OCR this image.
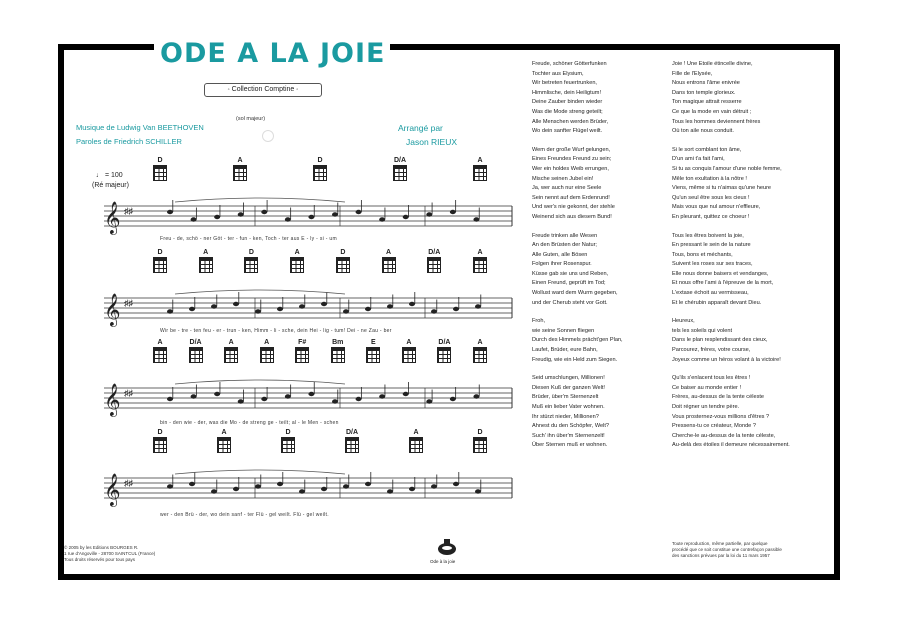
ODE A LA JOIE
◦ Collection Comptine ◦
Musique de Ludwig Van BEETHOVEN
Paroles de Friedrich SCHILLER
Arrangé par
Jason RIEUX
(sol majeur)
♩ = 100
(Ré majeur)
𝄞 ♯♯
𝄞 ♯♯
𝄞 ♯♯
𝄞 ♯♯
Freu - de, schö - ner Göt - ter - fun - ken, Toch - ter aus E - ly - si - um
Wir be - tre - ten feu - er - trun - ken, Himm - li - sche, dein Hei - lig - tum! Dei - ne Zau - ber
bin - den wie - der, was die Mo - de streng ge - teilt; al - le Men - schen
wer - den Brü - der, wo dein sanf - ter Flü - gel weilt. Flü - gel weilt.
D	A	D	D/A	A
D	A	D	A	D	A	D/A	A
A	D/A	A	A	F#	Bm	E	A	D/A	A
D	A	D	D/A	A	D
Freude, schöner Götterfunken
Tochter aus Elysium,
Wir betreten feuertrunken,
Himmlische, dein Heiligtum!
Deine Zauber binden wieder
Was die Mode streng geteilt;
Alle Menschen werden Brüder,
Wo dein sanfter Flügel weilt.
Wem der große Wurf gelungen,
Eines Freundes Freund zu sein;
Wer ein holdes Weib errungen,
Mische seinen Jubel ein!
Ja, wer auch nur eine Seele
Sein nennt auf dem Erdenrund!
Und wer's nie gekonnt, der stehle
Weinend sich aus diesem Bund!
Freude trinken alle Wesen
An den Brüsten der Natur;
Alle Guten, alle Bösen
Folgen ihrer Rosenspur.
Küsse gab sie uns und Reben,
Einen Freund, geprüft im Tod;
Wollust ward dem Wurm gegeben,
und der Cherub steht vor Gott.
Froh,
wie seine Sonnen fliegen
Durch des Himmels prächt'gen Plan,
Laufet, Brüder, eure Bahn,
Freudig, wie ein Held zum Siegen.
Seid umschlungen, Millionen!
Diesen Kuß der ganzen Welt!
Brüder, über'm Sternenzelt
Muß ein lieber Vater wohnen.
Ihr stürzt nieder, Millionen?
Ahnest du den Schöpfer, Welt?
Such' ihn über'm Sternenzelt!
Über Sternen muß er wohnen.
Joie ! Une Etoile étincelle divine,
Fille de l'Elysée,
Nous entrons l'âme enivrée
Dans ton temple glorieux.
Ton magique attrait resserre
Ce que la mode en vain détruit ;
Tous les hommes deviennent frères
Où ton aile nous conduit.
Si le sort comblant ton âme,
D'un ami t'a fait l'ami,
Si tu as conquis l'amour d'une noble femme,
Mêle ton exultation à la nôtre !
Viens, même si tu n'aimas qu'une heure
Qu'un seul être sous les cieux !
Mais vous que nul amour n'effleure,
En pleurant, quittez ce choeur !
Tous les êtres boivent la joie,
En pressant le sein de la nature
Tous, bons et méchants,
Suivent les roses sur ses traces,
Elle nous donne baisers et vendanges,
Et nous offre l'ami à l'épreuve de la mort,
L'extase échoit au vermisseau,
Et le chérubin apparaît devant Dieu.
Heureux,
tels les soleils qui volent
Dans le plan resplendissant des cieux,
Parcourez, frères, votre course,
Joyeux comme un héros volant à la victoire!
Qu'ils s'enlacent tous les êtres !
Ce baiser au monde entier !
Frères, au-dessus de la tente céleste
Doit régner un tendre père.
Vous prosternez-vous millions d'êtres ?
Pressens-tu ce créateur, Monde ?
Cherche-le au-dessus de la tente céleste,
Au-delà des étoiles il demeure nécessairement.
© 2005 by les Editions BOURGES R.
1 rue d'Angoville - 28700 SAINTCUL (France)
Tous droits réservés pour tous pays	Ode à la joie
Toute reproduction, même partielle, par quelque
procédé que ce soit constitue une contrefaçon passible
des sanctions prévues par la loi du 11 mars 1957
